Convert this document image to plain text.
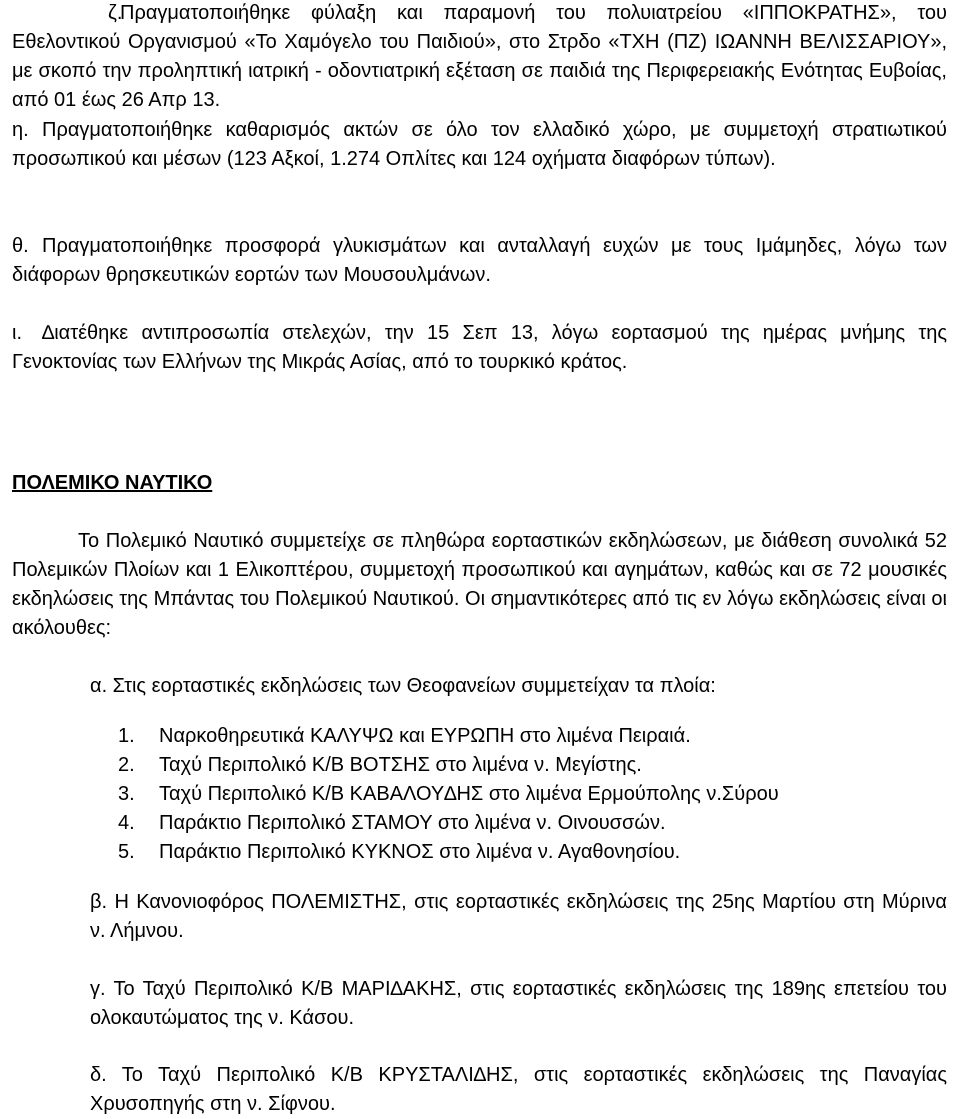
ζ.
Πραγματοποιήθηκε φύλαξη και παραμονή του πολυιατρείου «ΙΠΠΟΚΡΑΤΗΣ», του Εθελοντικού Οργανισμού «Το Χαμόγελο του Παιδιού», στο Στρδο «ΤΧΗ (ΠΖ) ΙΩΑΝΝΗ ΒΕΛΙΣΣΑΡΙΟΥ», με σκοπό την προληπτική ιατρική - οδοντιατρική εξέταση σε παιδιά της Περιφερειακής Ενότητας Ευβοίας, από 01 έως 26 Απρ 13.
η. Πραγματοποιήθηκε καθαρισμός ακτών σε όλο τον ελλαδικό χώρο, με συμμετοχή στρατιωτικού προσωπικού και μέσων (123 Αξκοί, 1.274 Οπλίτες και 124 οχήματα διαφόρων τύπων).
θ. Πραγματοποιήθηκε προσφορά γλυκισμάτων και ανταλλαγή ευχών με τους Ιμάμηδες, λόγω των διάφορων θρησκευτικών εορτών των Μουσουλμάνων.
ι. ∆ιατέθηκε αντιπροσωπία στελεχών, την 15 Σεπ 13, λόγω εορτασμού της ημέρας μνήμης της Γενοκτονίας των Ελλήνων της Μικράς Ασίας, από το τουρκικό κράτος.
ΠΟΛΕΜΙΚΟ ΝΑΥΤΙΚΟ
Το Πολεμικό Ναυτικό συμμετείχε σε πληθώρα εορταστικών εκδηλώσεων, με διάθεση συνολικά 52 Πολεμικών Πλοίων και 1 Ελικοπτέρου, συμμετοχή προσωπικού και αγημάτων, καθώς και σε 72 μουσικές εκδηλώσεις της Μπάντας του Πολεμικού Ναυτικού. Οι σημαντικότερες από τις εν λόγω εκδηλώσεις είναι οι ακόλουθες:
α. Στις εορταστικές εκδηλώσεις των Θεοφανείων συμμετείχαν τα πλοία:
1. Ναρκοθηρευτικά ΚΑΛΥΨΩ και ΕΥΡΩΠΗ στο λιμένα Πειραιά.
2. Ταχύ Περιπολικό Κ/Β ΒΟΤΣΗΣ στο λιμένα ν. Μεγίστης.
3. Ταχύ Περιπολικό Κ/Β ΚΑΒΑΛΟΥ∆ΗΣ στο λιμένα Ερμούπολης ν.Σύρου
4. Παράκτιο Περιπολικό ΣΤΑΜΟΥ στο λιμένα ν. Οινουσσών.
5. Παράκτιο Περιπολικό ΚΥΚΝΟΣ στο λιμένα ν. Αγαθονησίου.
β. Η Κανονιοφόρος ΠΟΛΕΜΙΣΤΗΣ, στις εορταστικές εκδηλώσεις της 25ης Μαρτίου στη Μύρινα ν. Λήμνου.
γ. Το Ταχύ Περιπολικό Κ/Β ΜΑΡΙ∆ΑΚΗΣ, στις εορταστικές εκδηλώσεις της 189ης επετείου του ολοκαυτώματος της ν. Κάσου.
δ. Το Ταχύ Περιπολικό Κ/Β ΚΡΥΣΤΑΛΙ∆ΗΣ, στις εορταστικές εκδηλώσεις της Παναγίας Χρυσοπηγής στη ν. Σίφνου.
